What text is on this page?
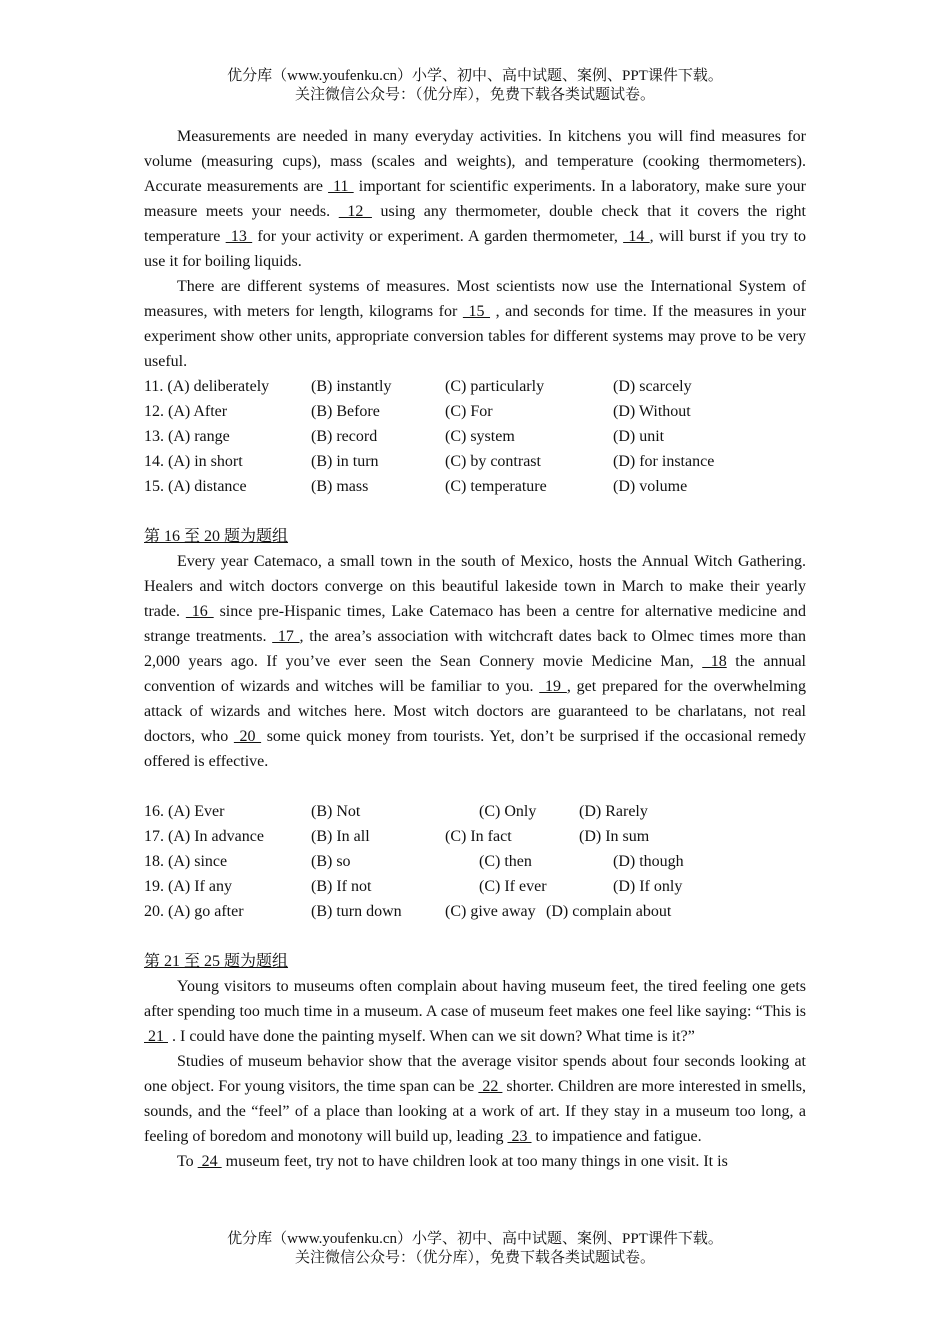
优分库（www.youfenku.cn）小学、初中、高中试题、案例、PPT课件下载。
关注微信公众号：（优分库），免费下载各类试题试卷。

Measurements are needed in many everyday activities. In kitchens you will find measures for volume (measuring cups), mass (scales and weights), and temperature (cooking thermometers). Accurate measurements are  11  important for scientific experiments. In a laboratory, make sure your measure meets your needs.  12  using any thermometer, double check that it covers the right temperature  13  for your activity or experiment. A garden thermometer,  14 , will burst if you try to use it for boiling liquids.

There are different systems of measures. Most scientists now use the International System of measures, with meters for length, kilograms for  15  , and seconds for time. If the measures in your experiment show other units, appropriate conversion tables for different systems may prove to be very useful.

11. (A) deliberately	(B) instantly	(C) particularly	(D) scarcely
12. (A) After	(B) Before	(C) For	(D) Without
13. (A) range	(B) record	(C) system	(D) unit
14. (A) in short	(B) in turn	(C) by contrast	(D) for instance
15. (A) distance	(B) mass	(C) temperature	(D) volume

第 16 至 20 题为题组

Every year Catemaco, a small town in the south of Mexico, hosts the Annual Witch Gathering. Healers and witch doctors converge on this beautiful lakeside town in March to make their yearly trade.  16  since pre-Hispanic times, Lake Catemaco has been a centre for alternative medicine and strange treatments.  17 , the area’s association with witchcraft dates back to Olmec times more than 2,000 years ago. If you’ve ever seen the Sean Connery movie Medicine Man,  18 the annual convention of wizards and witches will be familiar to you.  19 , get prepared for the overwhelming attack of wizards and witches here. Most witch doctors are guaranteed to be charlatans, not real doctors, who  20  some quick money from tourists. Yet, don’t be surprised if the occasional remedy offered is effective.

16. (A) Ever	(B) Not	(C) Only	(D) Rarely
17. (A) In advance	(B) In all	(C) In fact	(D) In sum
18. (A) since	(B) so	(C) then	(D) though
19. (A) If any	(B) If not	(C) If ever	(D) If only
20. (A) go after	(B) turn down	(C) give away (D) complain about

第 21 至 25 题为题组

Young visitors to museums often complain about having museum feet, the tired feeling one gets after spending too much time in a museum. A case of museum feet makes one feel like saying: “This is  21  . I could have done the painting myself. When can we sit down? What time is it?”

Studies of museum behavior show that the average visitor spends about four seconds looking at one object. For young visitors, the time span can be  22  shorter. Children are more interested in smells, sounds, and the “feel” of a place than looking at a work of art. If they stay in a museum too long, a feeling of boredom and monotony will build up, leading  23  to impatience and fatigue.

To  24  museum feet, try not to have children look at too many things in one visit. It is

优分库（www.youfenku.cn）小学、初中、高中试题、案例、PPT课件下载。
关注微信公众号：（优分库），免费下载各类试题试卷。
